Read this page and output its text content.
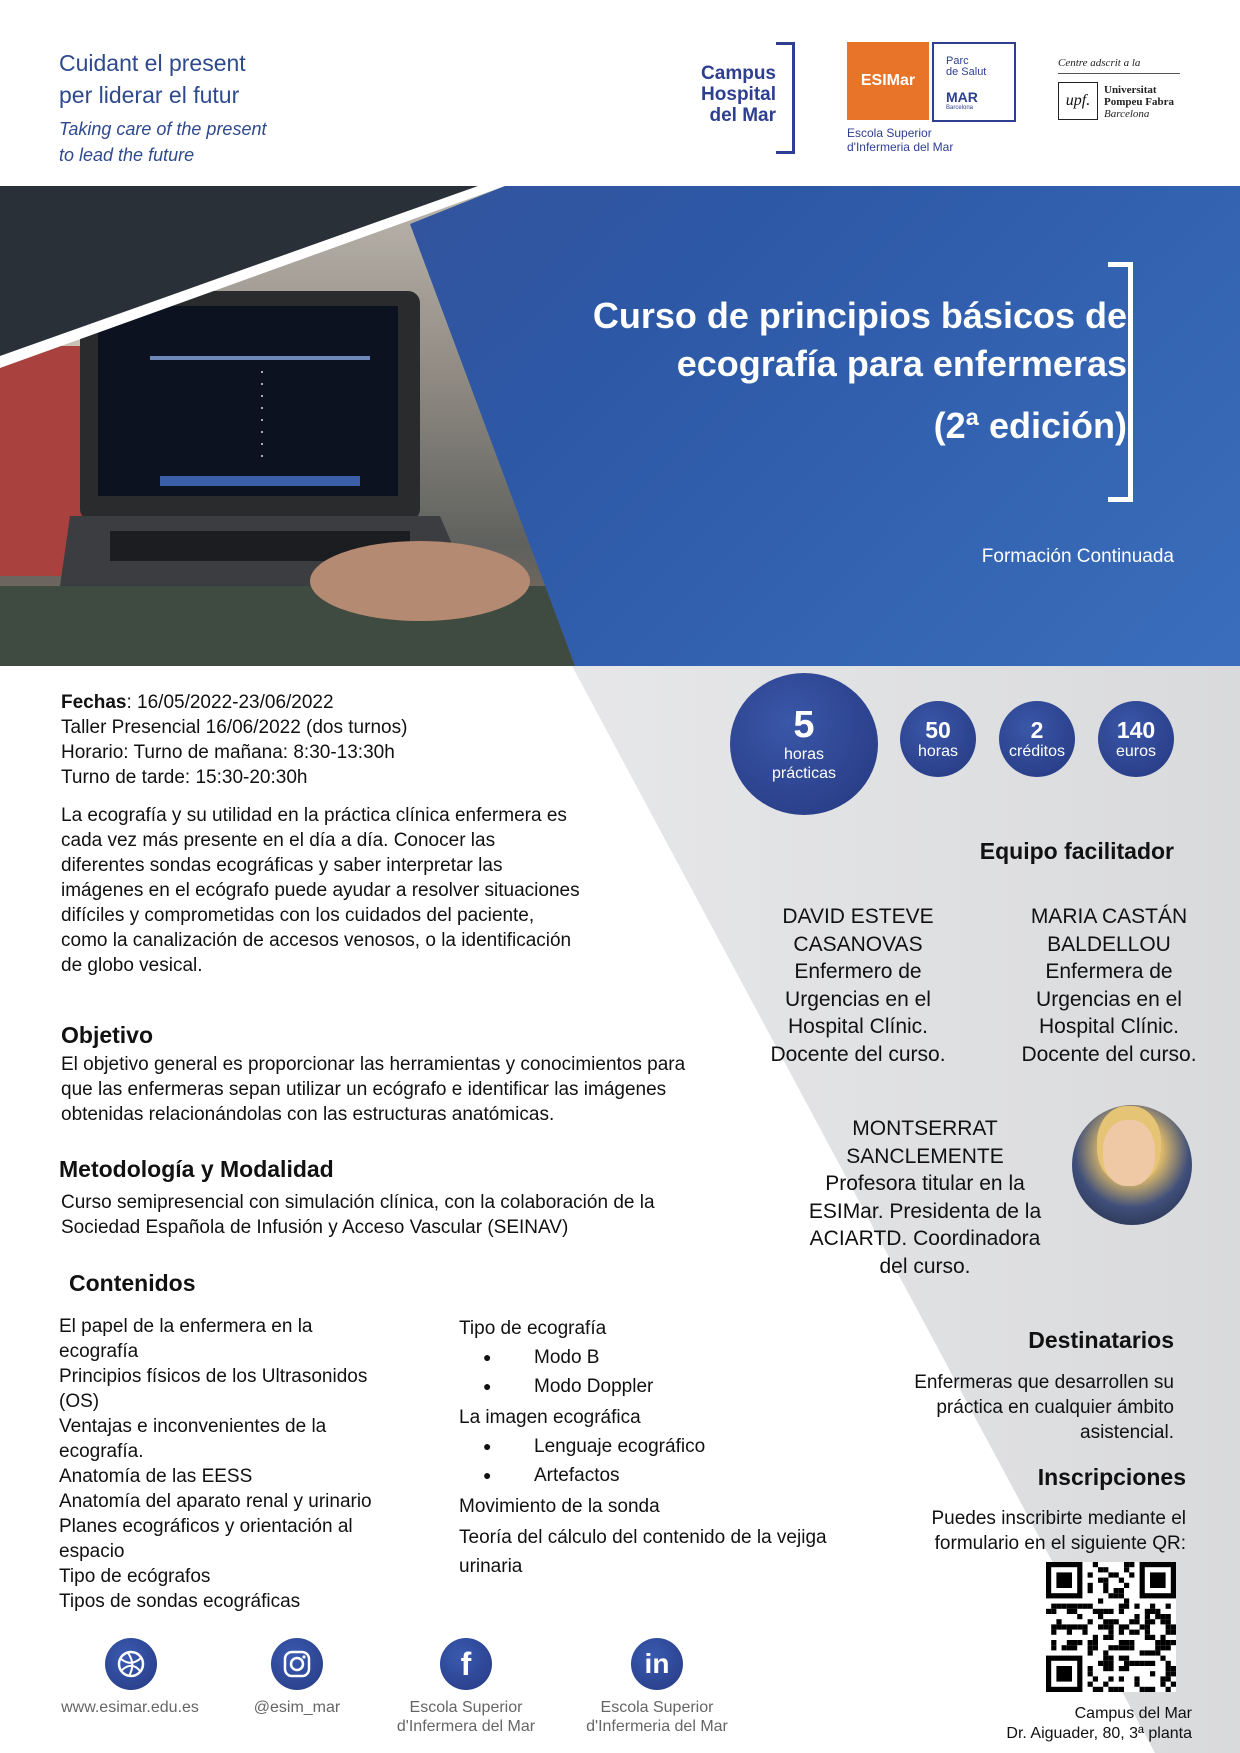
Cuidant el present
per liderar el futur
Taking care of the present
to lead the future
Campus
Hospital
del Mar
ESIMar
Parc
de Salut
MAR
Barcelona
Escola Superior
d'Infermeria del Mar
Centre adscrit a la
upf.
Universitat
Pompeu Fabra
Barcelona
Curso de principios básicos de
ecografía para enfermeras
(2ª edición)
Formación Continuada
Fechas: 16/05/2022-23/06/2022
Taller Presencial 16/06/2022 (dos turnos)
Horario: Turno de mañana: 8:30-13:30h
Turno de tarde: 15:30-20:30h
La ecografía y su utilidad en la práctica clínica enfermera es cada vez más presente en el día a día. Conocer las diferentes sondas ecográficas y saber interpretar las imágenes en el ecógrafo puede ayudar a resolver situaciones difíciles y comprometidas con los cuidados del paciente, como la canalización de accesos venosos, o la identificación de globo vesical.
Objetivo
El objetivo general es proporcionar las herramientas y conocimientos para que las enfermeras sepan utilizar un ecógrafo e identificar las imágenes obtenidas relacionándolas con las estructuras anatómicas.
Metodología y Modalidad
Curso semipresencial con simulación clínica, con la colaboración de la Sociedad Española de Infusión y Acceso Vascular (SEINAV)
Contenidos
El papel de la enfermera en la ecografía
Principios físicos de los Ultrasonidos (OS)
Ventajas e inconvenientes de la ecografía.
Anatomía de las EESS
Anatomía del aparato renal y urinario
Planes ecográficos y orientación al espacio
Tipo de ecógrafos
Tipos de sondas ecográficas
Tipo de ecografía
● Modo B
● Modo Doppler
La imagen ecográfica
● Lenguaje ecográfico
● Artefactos
Movimiento de la sonda
Teoría del cálculo del contenido de la vejiga urinaria
5
horas
prácticas
50
horas
2
créditos
140
euros
Equipo facilitador
DAVID ESTEVE
CASANOVAS
Enfermero de Urgencias en el Hospital Clínic. Docente del curso.
MARIA CASTÁN
BALDELLOU
Enfermera de Urgencias en el Hospital Clínic. Docente del curso.
MONTSERRAT
SANCLEMENTE
Profesora titular en la ESIMar. Presidenta de la ACIARTD. Coordinadora del curso.
Destinatarios
Enfermeras que desarrollen su práctica en cualquier ámbito asistencial.
Inscripciones
Puedes inscribirte mediante el formulario en el siguiente QR:
Campus del Mar
Dr. Aiguader, 80, 3ª planta
www.esimar.edu.es	@esim_mar
f
Escola Superior
d'Infermera del Mar
in
Escola Superior
d'Infermeria del Mar
